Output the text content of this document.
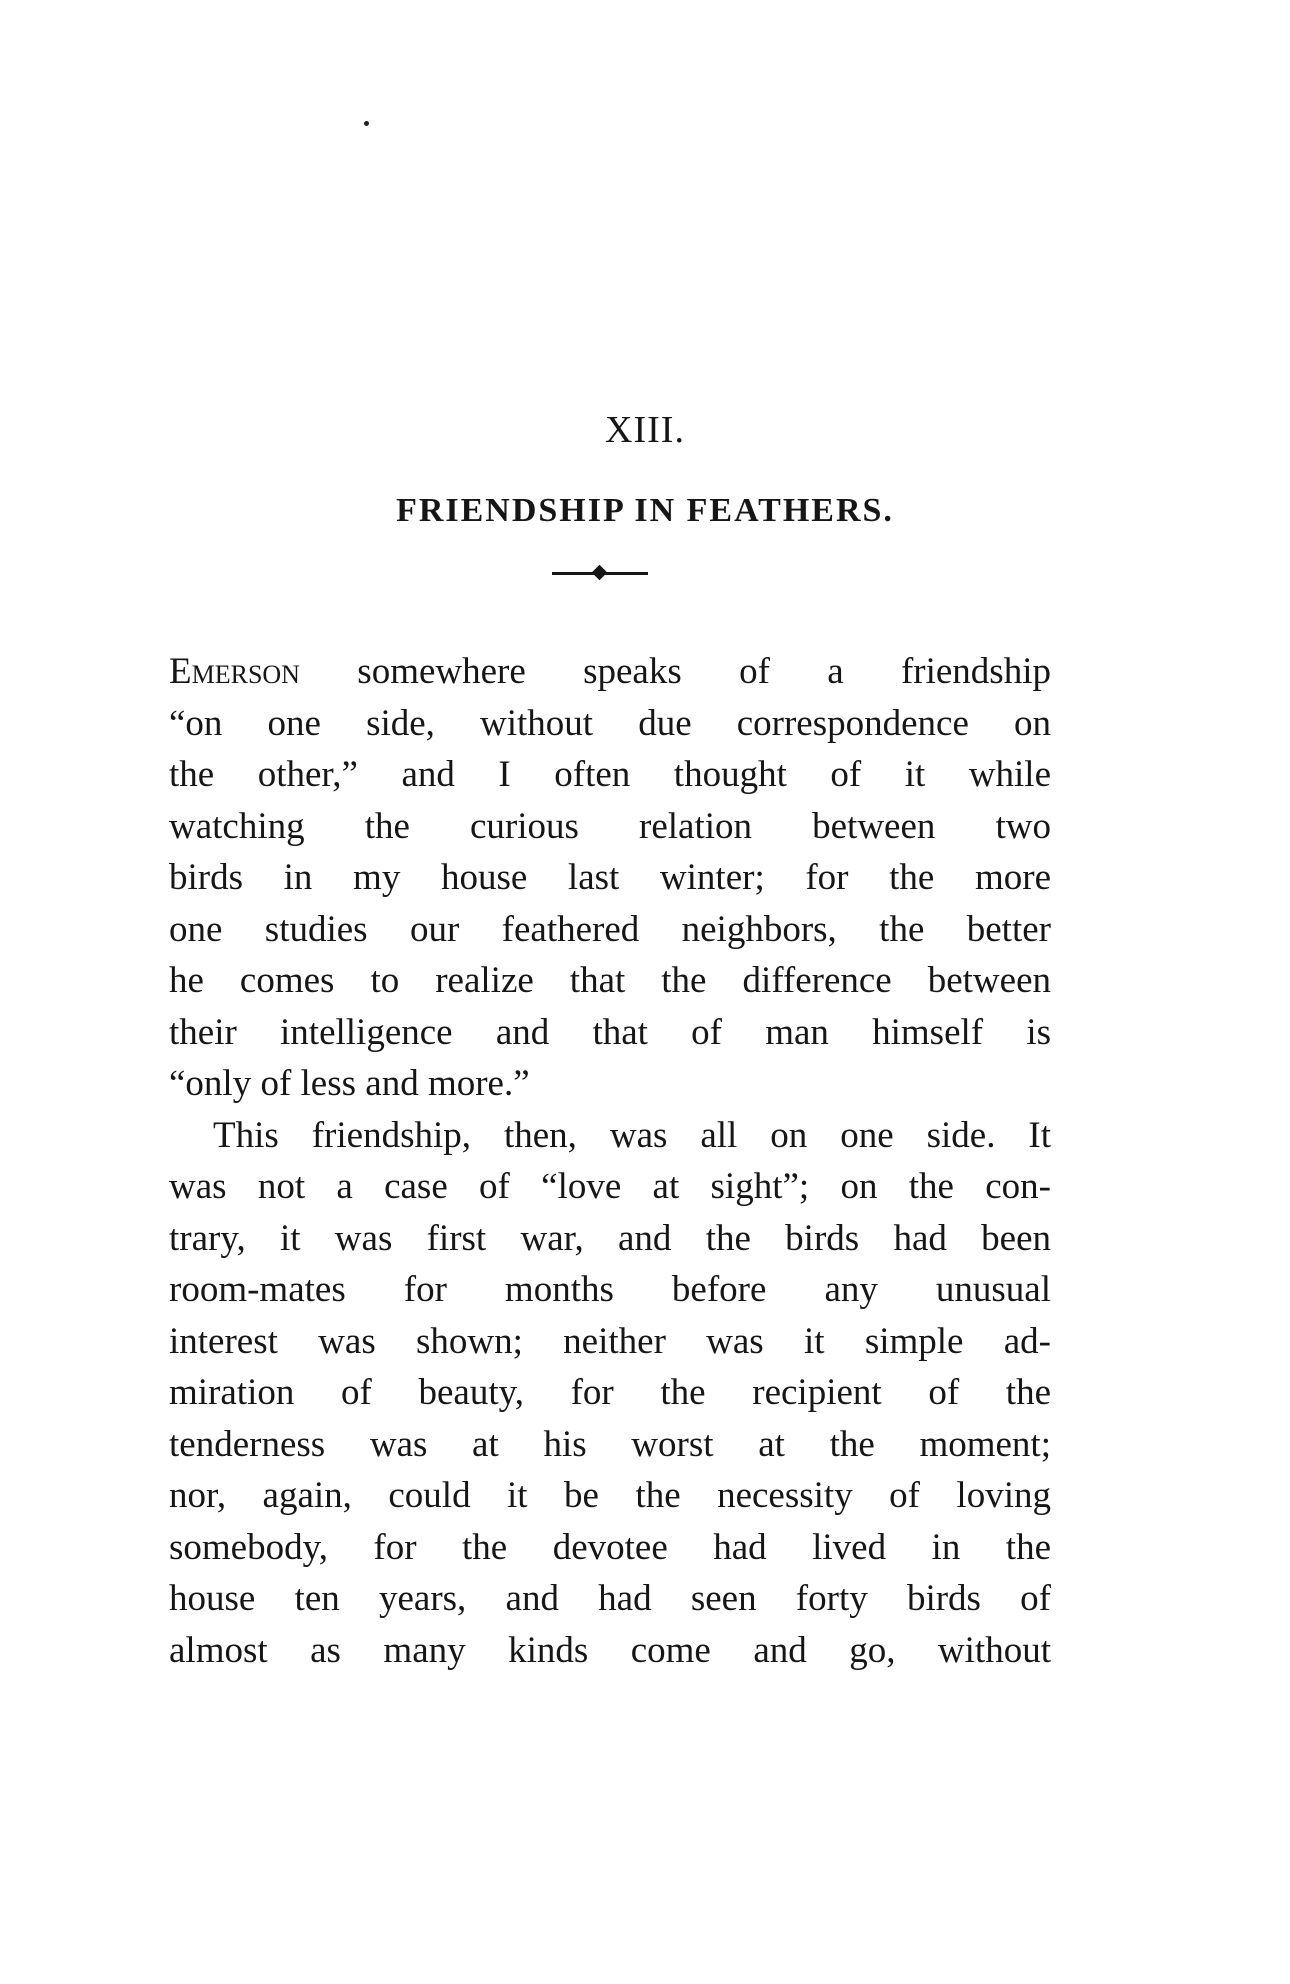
XIII.
FRIENDSHIP IN FEATHERS.
Emerson somewhere speaks of a friendship
“on one side, without due correspondence on
the other,” and I often thought of it while
watching the curious relation between two
birds in my house last winter; for the more
one studies our feathered neighbors, the better
he comes to realize that the difference between
their intelligence and that of man himself is
“only of less and more.”
This friendship, then, was all on one side. It
was not a case of “love at sight”; on the con-
trary, it was first war, and the birds had been
room-mates for months before any unusual
interest was shown; neither was it simple ad-
miration of beauty, for the recipient of the
tenderness was at his worst at the moment;
nor, again, could it be the necessity of loving
somebody, for the devotee had lived in the
house ten years, and had seen forty birds of
almost as many kinds come and go, without
